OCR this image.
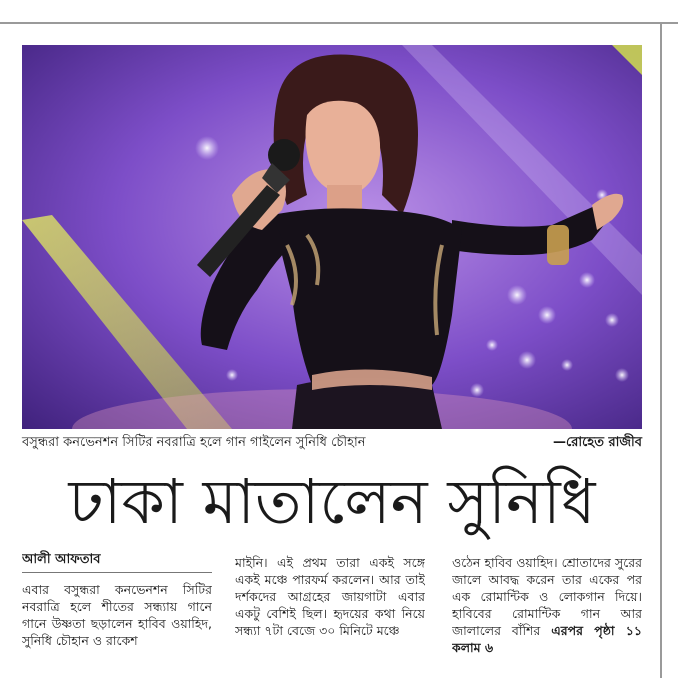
বসুন্ধরা কনভেনশন সিটির নবরাত্রি হলে গান গাইলেন সুনিধি চৌহান	—রোহেত রাজীব
ঢাকা মাতালেন সুনিধি
আলী আফতাব
এবার বসুন্ধরা কনভেনশন সিটির নবরাত্রি হলে শীতের সন্ধ্যায় গানে গানে উষ্ণতা ছড়ালেন হাবিব ওয়াহিদ, সুনিধি চৌহান ও রাকেশ
মাইনি। এই প্রথম তারা একই সঙ্গে একই মঞ্চে পারফর্ম করলেন। আর তাই দর্শকদের আগ্রহের জায়গাটা এবার একটু বেশিই ছিল। হৃদয়ের কথা নিয়ে সন্ধ্যা ৭টা বেজে ৩০ মিনিটে মঞ্চে
ওঠেন হাবিব ওয়াহিদ। শ্রোতাদের সুরের জালে আবদ্ধ করেন তার একের পর এক রোমান্টিক ও লোকগান দিয়ে। হাবিবের রোমান্টিক গান আর জালালের বাঁশির এরপর পৃষ্ঠা ১১ কলাম ৬
